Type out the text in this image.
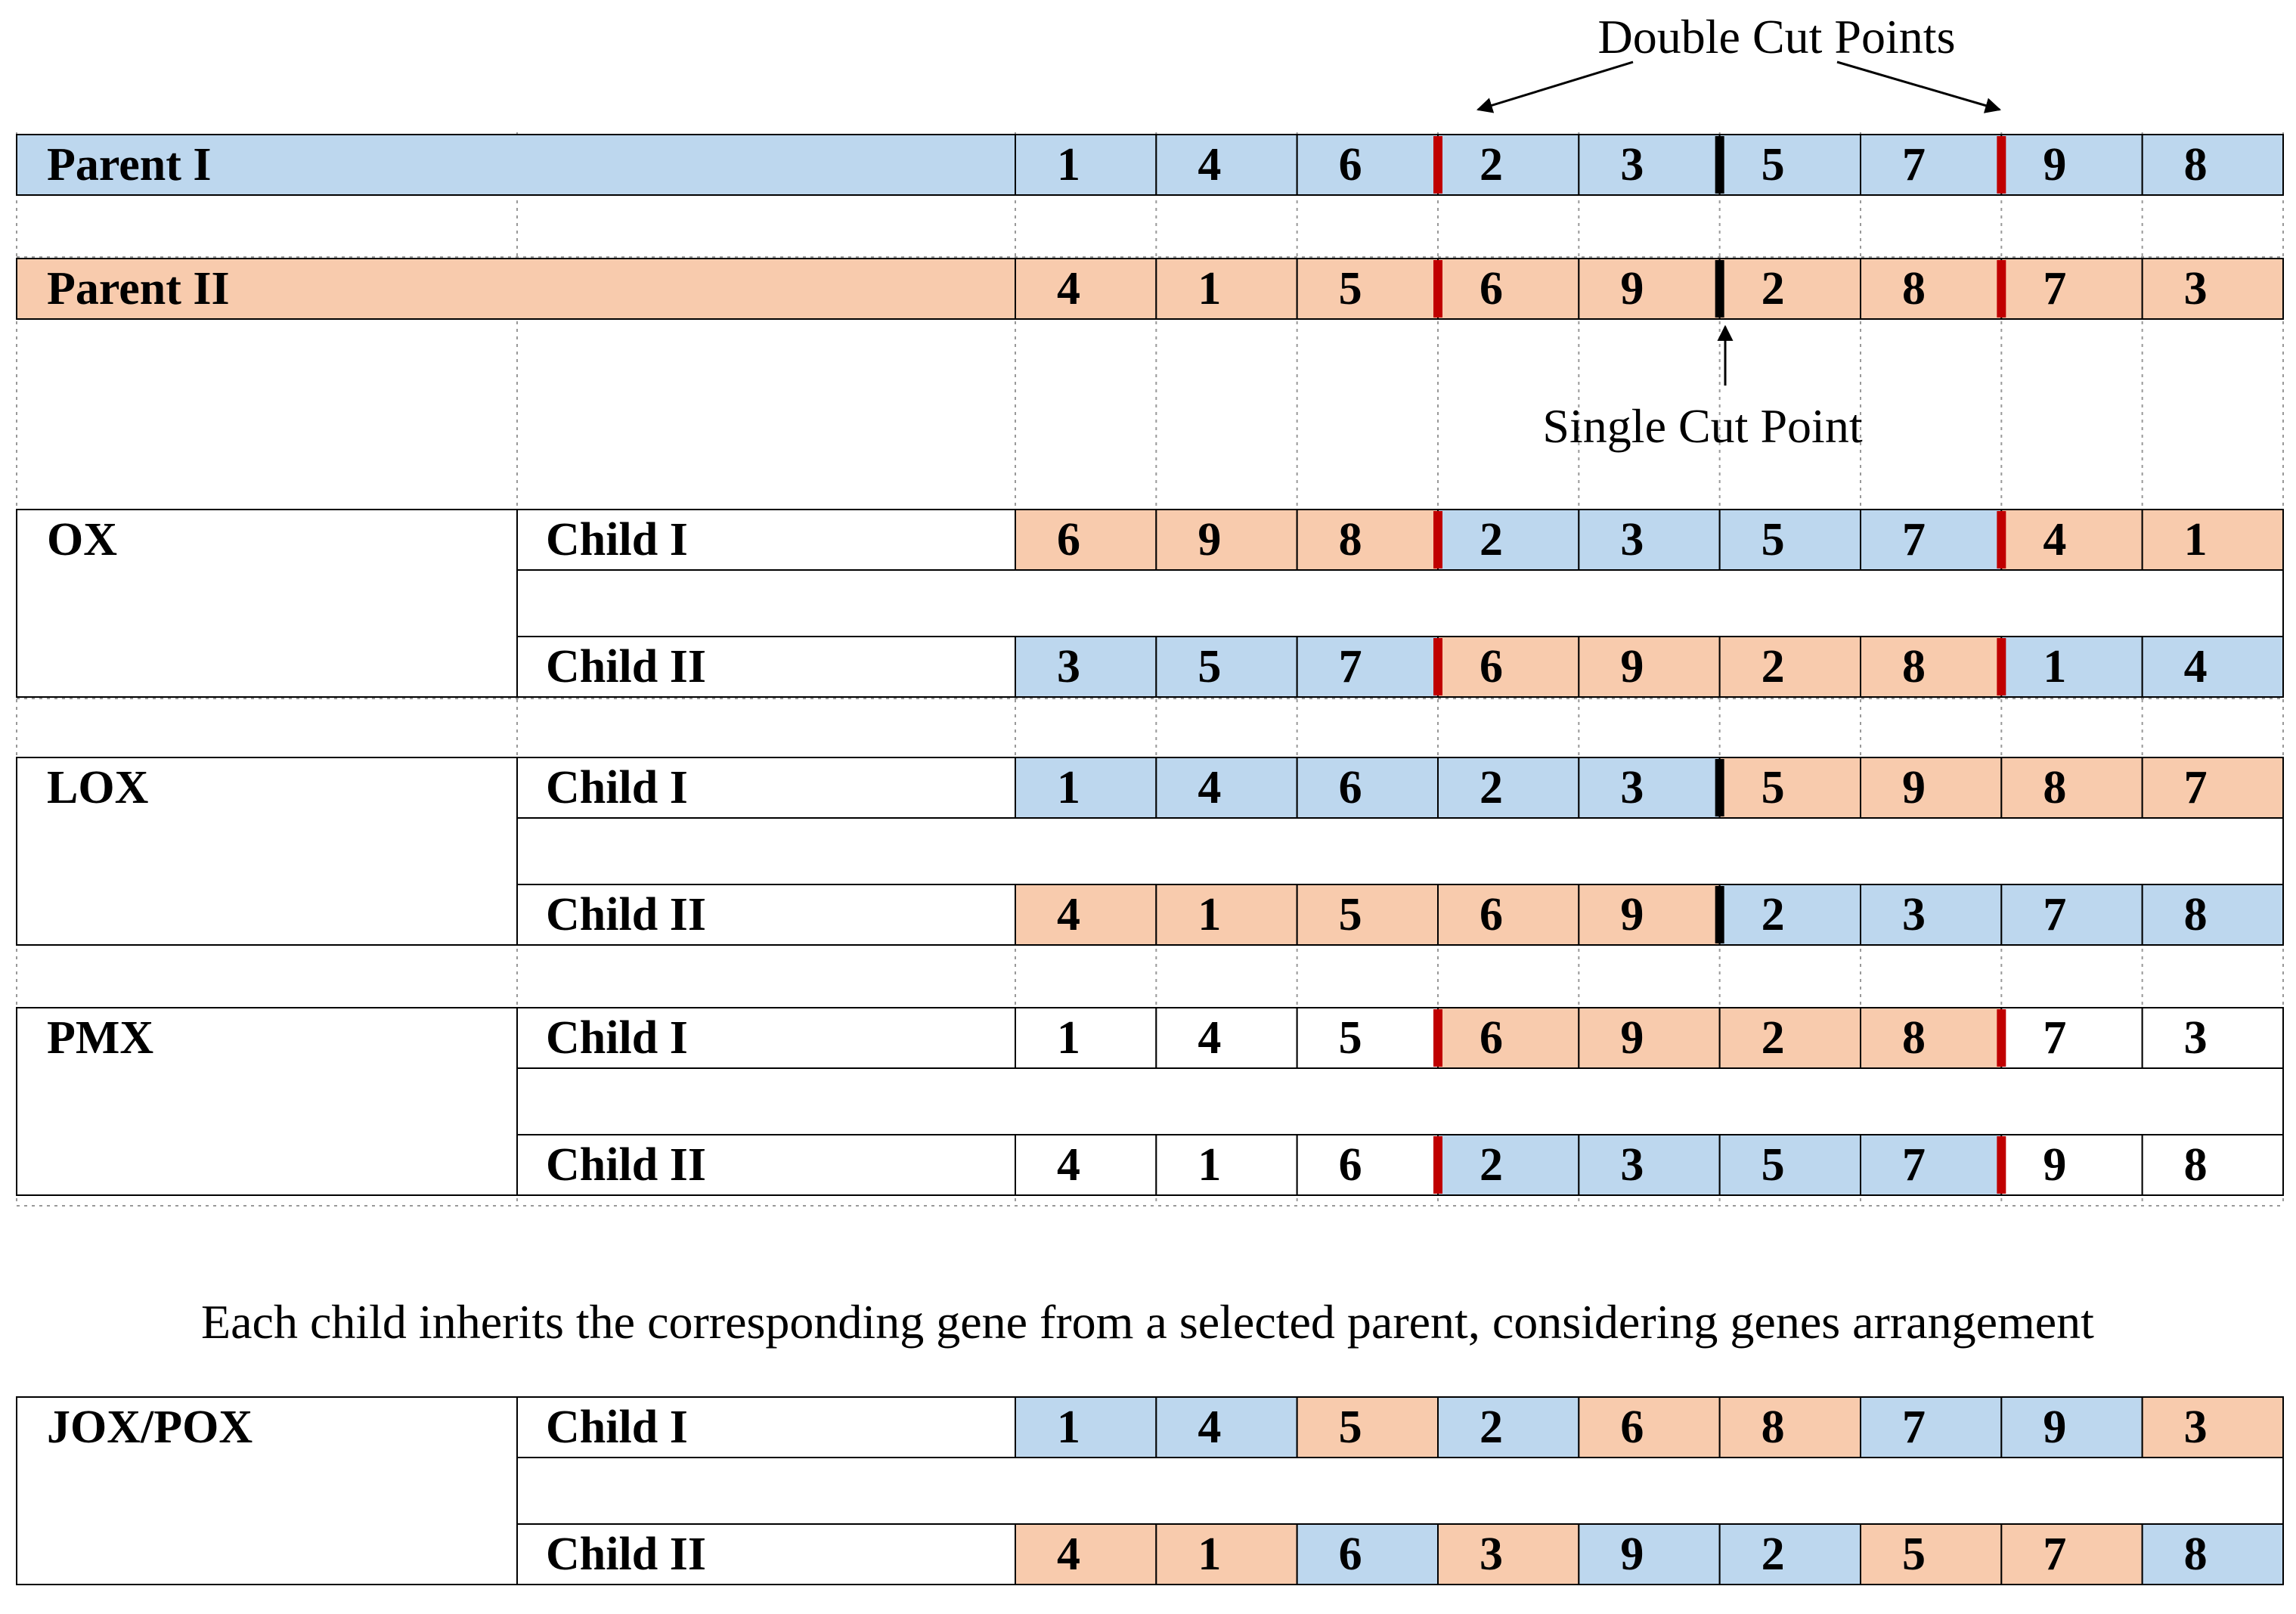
Double Cut Points
Single Cut Point
Each child inherits the corresponding gene from a selected parent, considering genes arrangement
Parent I	1	4	6	2	3	5	7	9	8
Parent II	4	1	5	6	9	2	8	7	3
OX	Child I	6	9	8	2	3	5	7	4	1
Child II	3	5	7	6	9	2	8	1	4
LOX	Child I	1	4	6	2	3	5	9	8	7
Child II	4	1	5	6	9	2	3	7	8
PMX	Child I	1	4	5	6	9	2	8	7	3
Child II	4	1	6	2	3	5	7	9	8
JOX/POX	Child I	1	4	5	2	6	8	7	9	3
Child II	4	1	6	3	9	2	5	7	8
